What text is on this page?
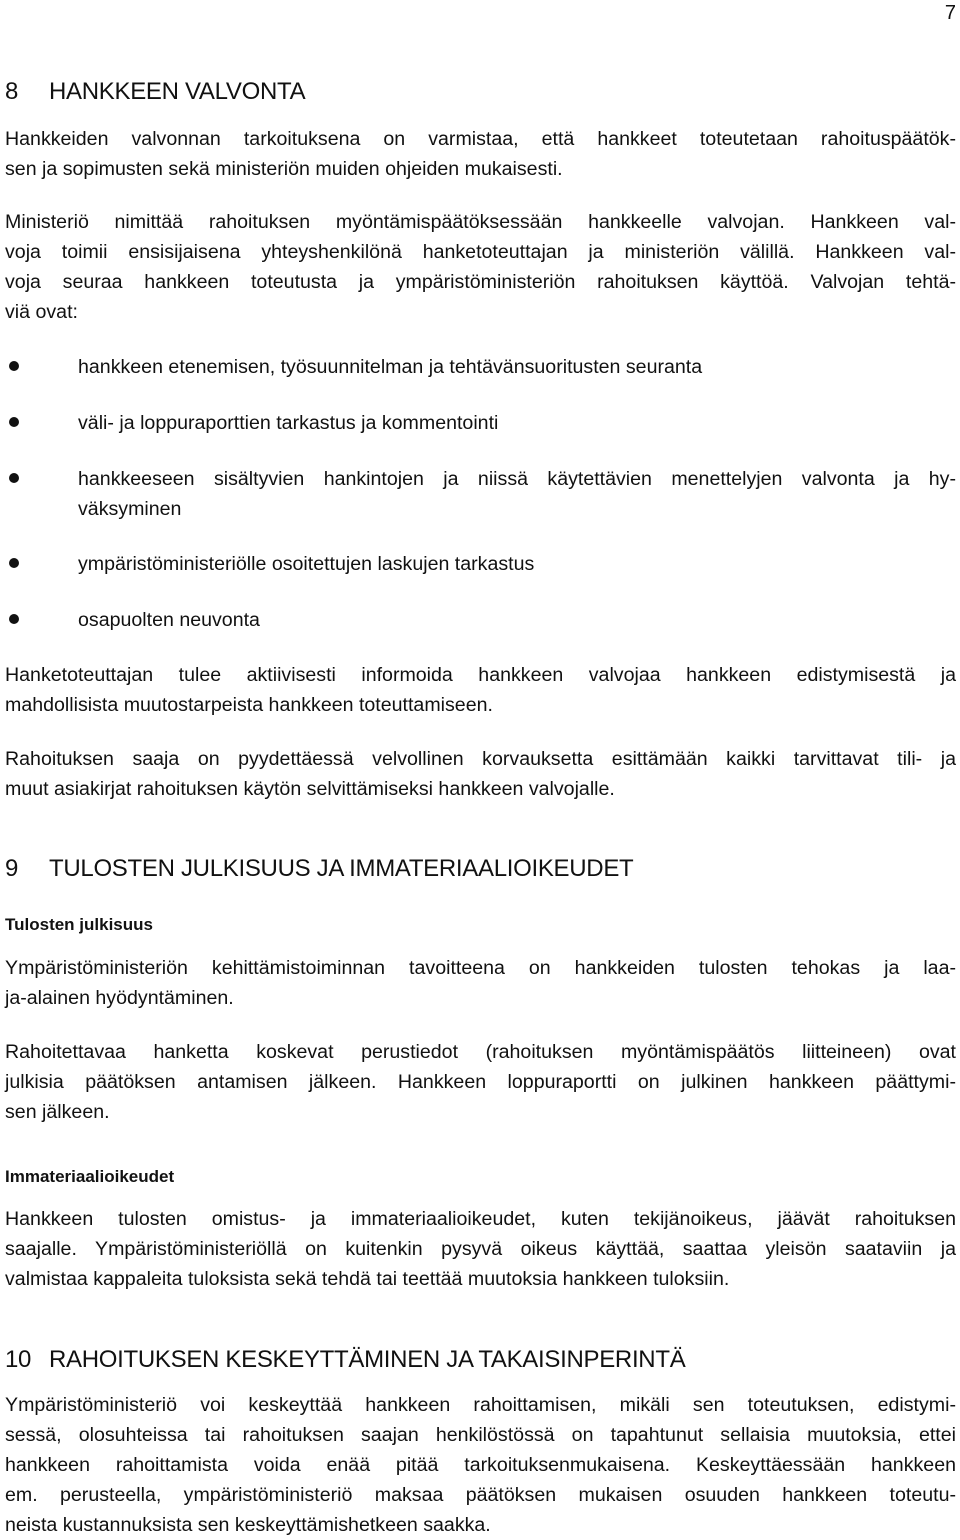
7
8 HANKKEEN VALVONTA
Hankkeiden valvonnan tarkoituksena on varmistaa, että hankkeet toteutetaan rahoituspäätök-
sen ja sopimusten sekä ministeriön muiden ohjeiden mukaisesti.
Ministeriö nimittää rahoituksen myöntämispäätöksessään hankkeelle valvojan. Hankkeen val-
voja toimii ensisijaisena yhteyshenkilönä hanketoteuttajan ja ministeriön välillä. Hankkeen val-
voja seuraa hankkeen toteutusta ja ympäristöministeriön rahoituksen käyttöä. Valvojan tehtä-
viä ovat:
hankkeen etenemisen, työsuunnitelman ja tehtävänsuoritusten seuranta
väli- ja loppuraporttien tarkastus ja kommentointi
hankkeeseen sisältyvien hankintojen ja niissä käytettävien menettelyjen valvonta ja hy-
väksyminen
ympäristöministeriölle osoitettujen laskujen tarkastus
osapuolten neuvonta
Hanketoteuttajan tulee aktiivisesti informoida hankkeen valvojaa hankkeen edistymisestä ja
mahdollisista muutostarpeista hankkeen toteuttamiseen.
Rahoituksen saaja on pyydettäessä velvollinen korvauksetta esittämään kaikki tarvittavat tili- ja
muut asiakirjat rahoituksen käytön selvittämiseksi hankkeen valvojalle.
9 TULOSTEN JULKISUUS JA IMMATERIAALIOIKEUDET
Tulosten julkisuus
Ympäristöministeriön kehittämistoiminnan tavoitteena on hankkeiden tulosten tehokas ja laa-
ja-alainen hyödyntäminen.
Rahoitettavaa hanketta koskevat perustiedot (rahoituksen myöntämispäätös liitteineen) ovat
julkisia päätöksen antamisen jälkeen. Hankkeen loppuraportti on julkinen hankkeen päättymi-
sen jälkeen.
Immateriaalioikeudet
Hankkeen tulosten omistus- ja immateriaalioikeudet, kuten tekijänoikeus, jäävät rahoituksen
saajalle. Ympäristöministeriöllä on kuitenkin pysyvä oikeus käyttää, saattaa yleisön saataviin ja
valmistaa kappaleita tuloksista sekä tehdä tai teettää muutoksia hankkeen tuloksiin.
10 RAHOITUKSEN KESKEYTTÄMINEN JA TAKAISINPERINTÄ
Ympäristöministeriö voi keskeyttää hankkeen rahoittamisen, mikäli sen toteutuksen, edistymi-
sessä, olosuhteissa tai rahoituksen saajan henkilöstössä on tapahtunut sellaisia muutoksia, ettei
hankkeen rahoittamista voida enää pitää tarkoituksenmukaisena. Keskeyttäessään hankkeen
em. perusteella, ympäristöministeriö maksaa päätöksen mukaisen osuuden hankkeen toteutu-
neista kustannuksista sen keskeyttämishetkeen saakka.
